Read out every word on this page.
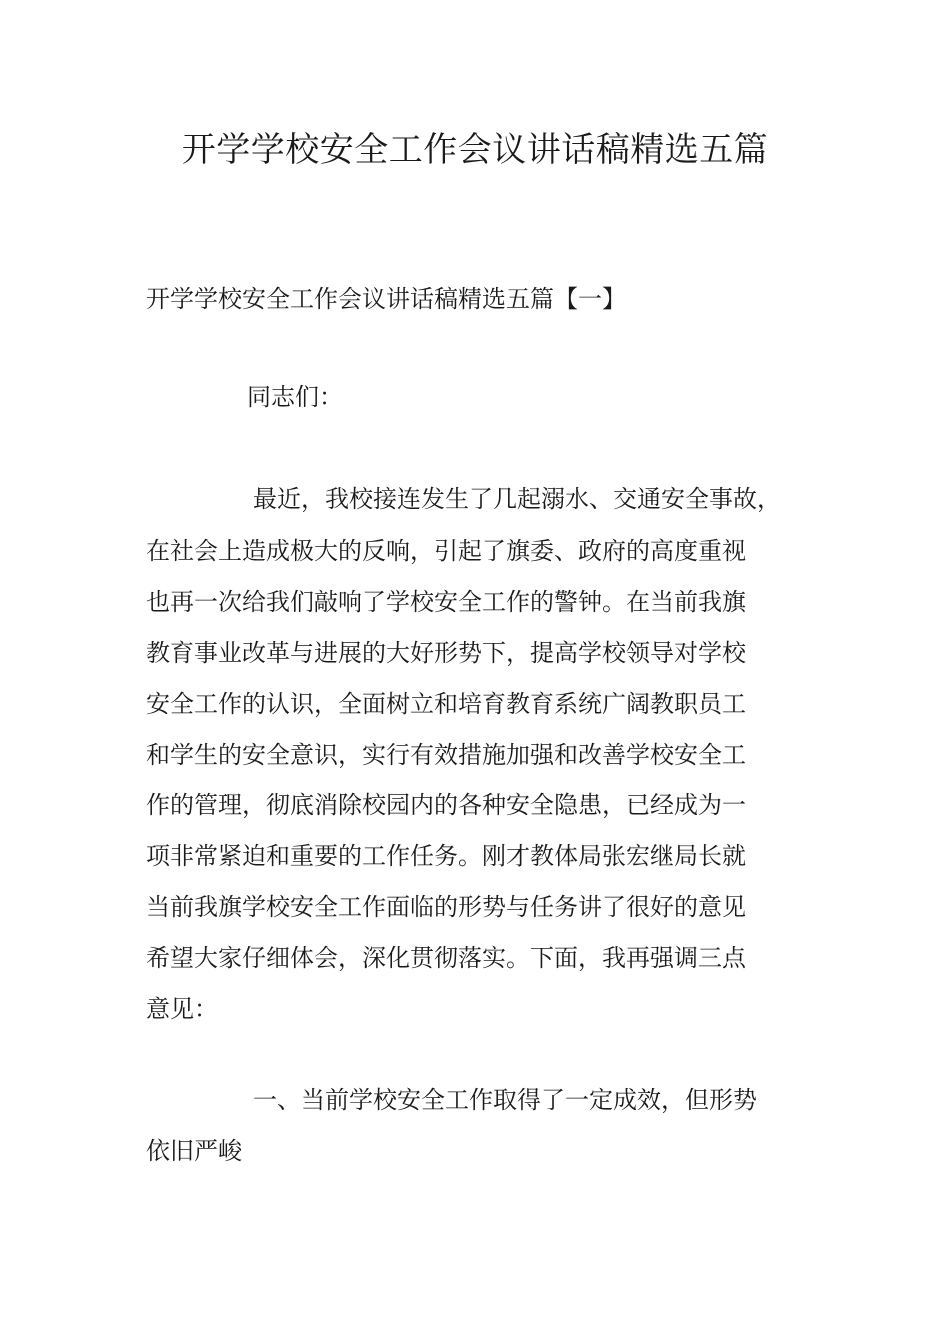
开学学校安全工作会议讲话稿精选五篇

开学学校安全工作会议讲话稿精选五篇【一】

同志们：

最近，我校接连发生了几起溺水、交通安全事故，

在社会上造成极大的反响，引起了旗委、政府的高度重视

也再一次给我们敲响了学校安全工作的警钟。在当前我旗

教育事业改革与进展的大好形势下，提高学校领导对学校

安全工作的认识，全面树立和培育教育系统广阔教职员工

和学生的安全意识，实行有效措施加强和改善学校安全工

作的管理，彻底消除校园内的各种安全隐患，已经成为一

项非常紧迫和重要的工作任务。刚才教体局张宏继局长就

当前我旗学校安全工作面临的形势与任务讲了很好的意见

希望大家仔细体会，深化贯彻落实。下面，我再强调三点

意见：

一、当前学校安全工作取得了一定成效，但形势

依旧严峻
